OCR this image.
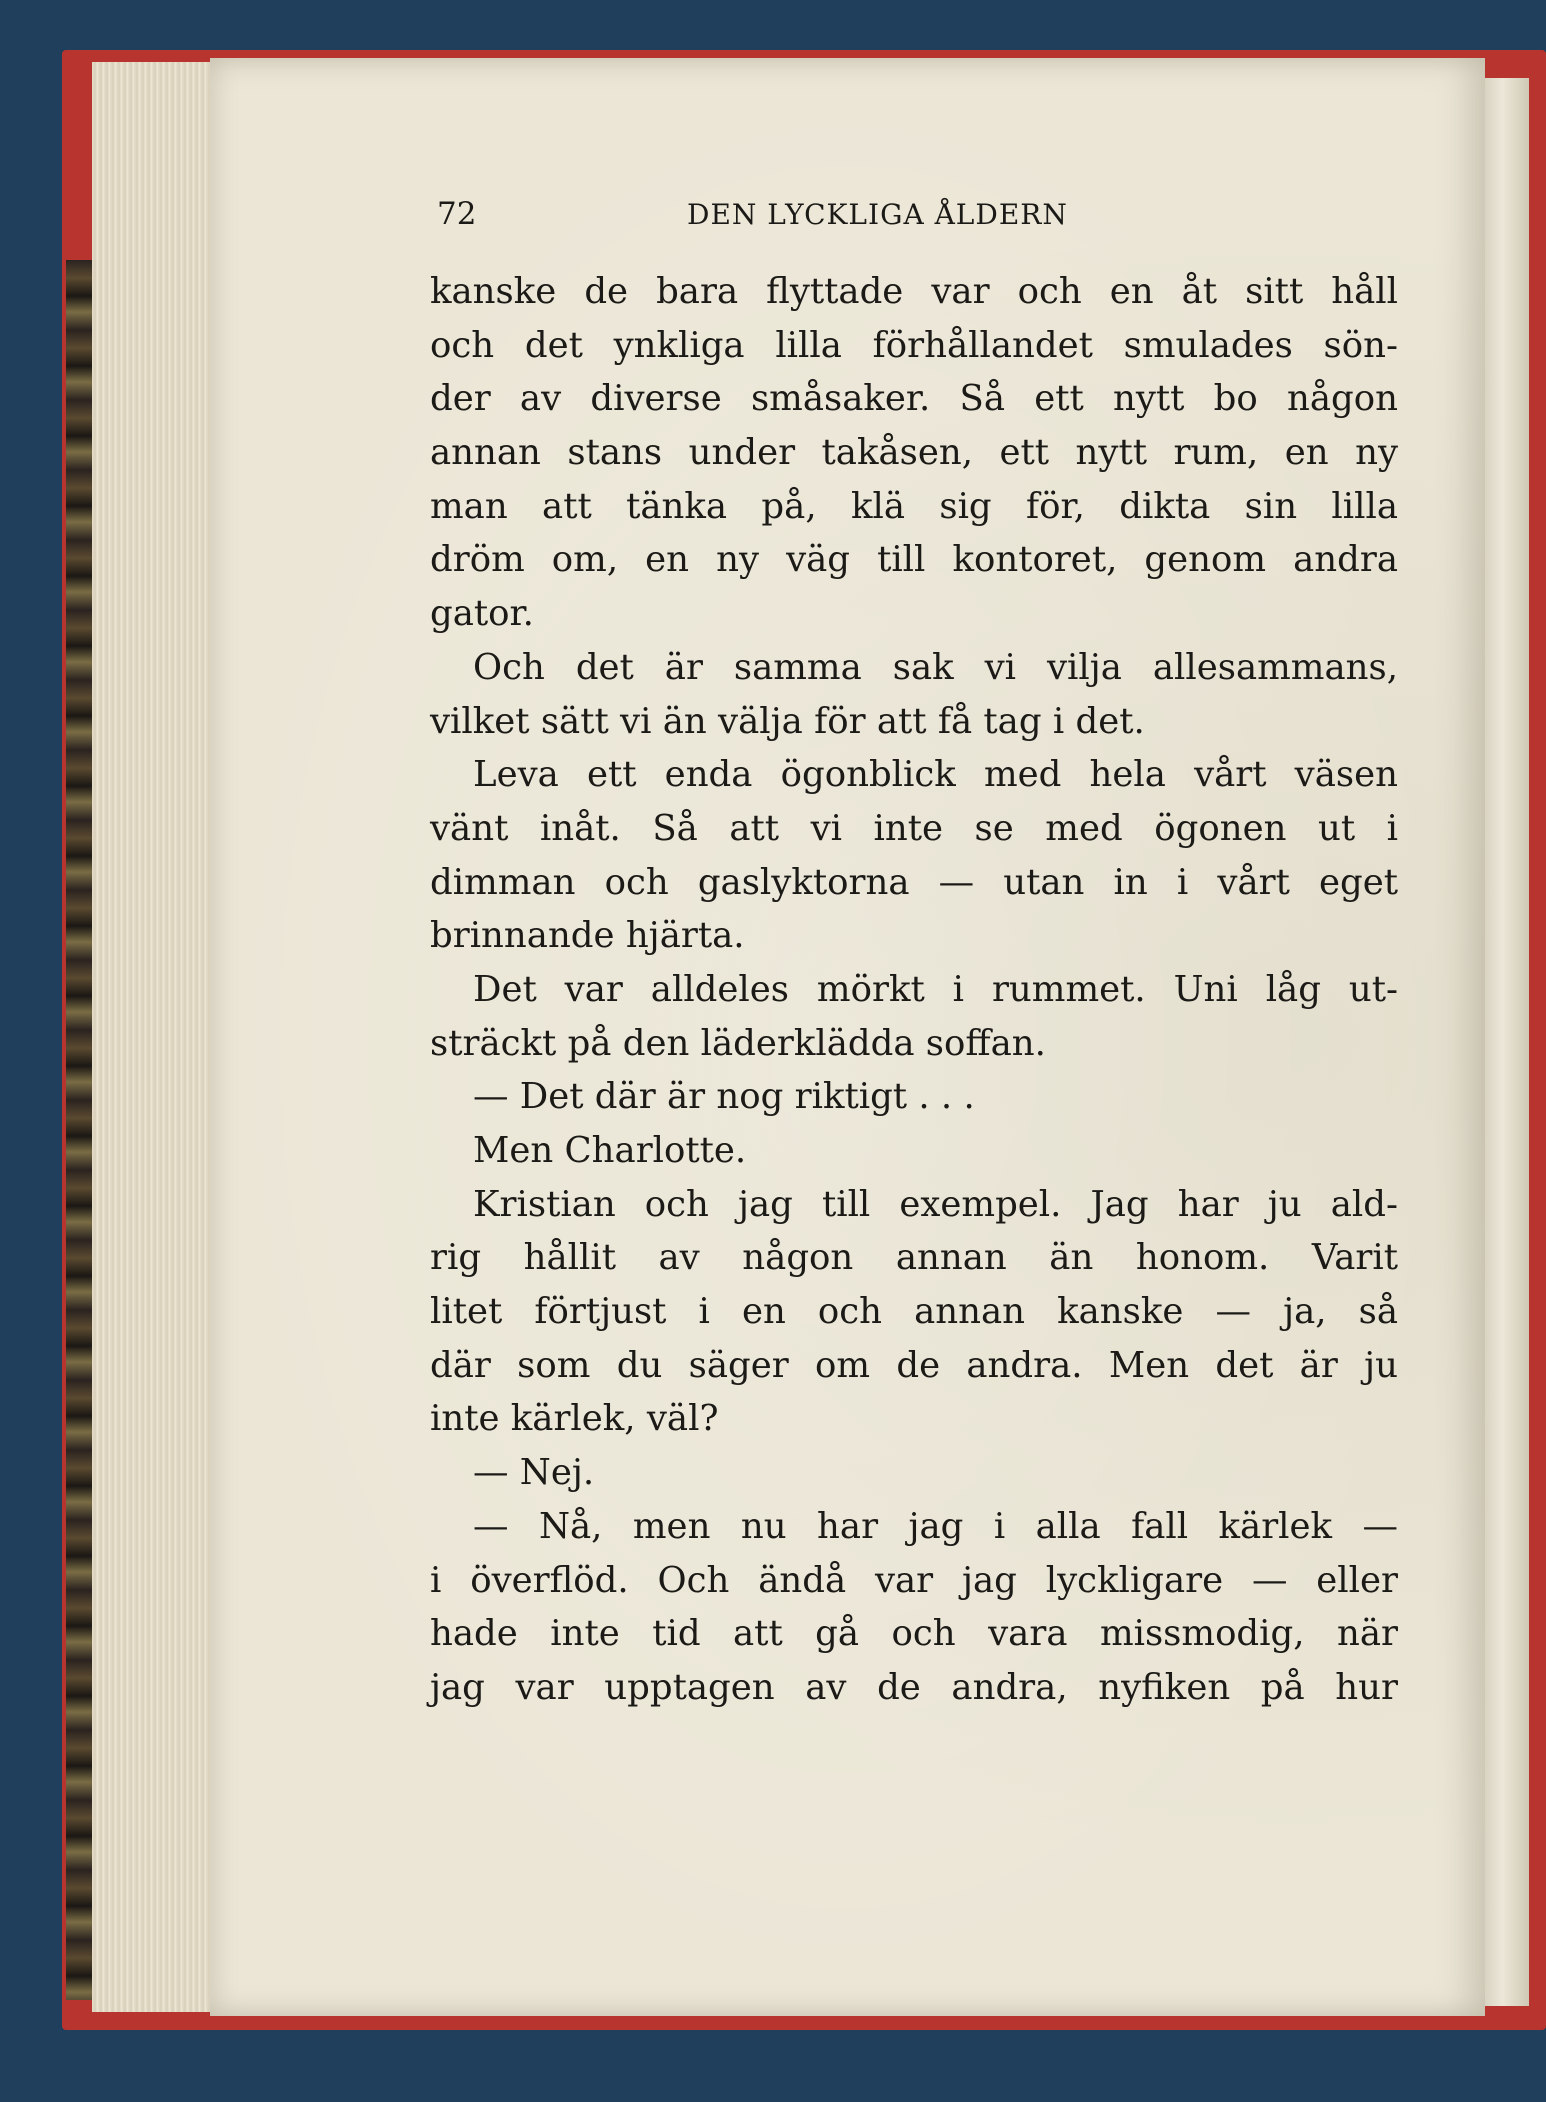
72	DEN LYCKLIGA ÅLDERN
kanske de bara flyttade var och en åt sitt håll
och det ynkliga lilla förhållandet smulades sön-
der av diverse småsaker. Så ett nytt bo någon
annan stans under takåsen, ett nytt rum, en ny
man att tänka på, klä sig för, dikta sin lilla
dröm om, en ny väg till kontoret, genom andra
gator.
Och det är samma sak vi vilja allesammans,
vilket sätt vi än välja för att få tag i det.
Leva ett enda ögonblick med hela vårt väsen
vänt inåt. Så att vi inte se med ögonen ut i
dimman och gaslyktorna — utan in i vårt eget
brinnande hjärta.
Det var alldeles mörkt i rummet. Uni låg ut-
sträckt på den läderklädda soffan.
— Det där är nog riktigt . . .
Men Charlotte.
Kristian och jag till exempel. Jag har ju ald-
rig hållit av någon annan än honom. Varit
litet förtjust i en och annan kanske — ja, så
där som du säger om de andra. Men det är ju
inte kärlek, väl?
— Nej.
— Nå, men nu har jag i alla fall kärlek —
i överflöd. Och ändå var jag lyckligare — eller
hade inte tid att gå och vara missmodig, när
jag var upptagen av de andra, nyfiken på hur
